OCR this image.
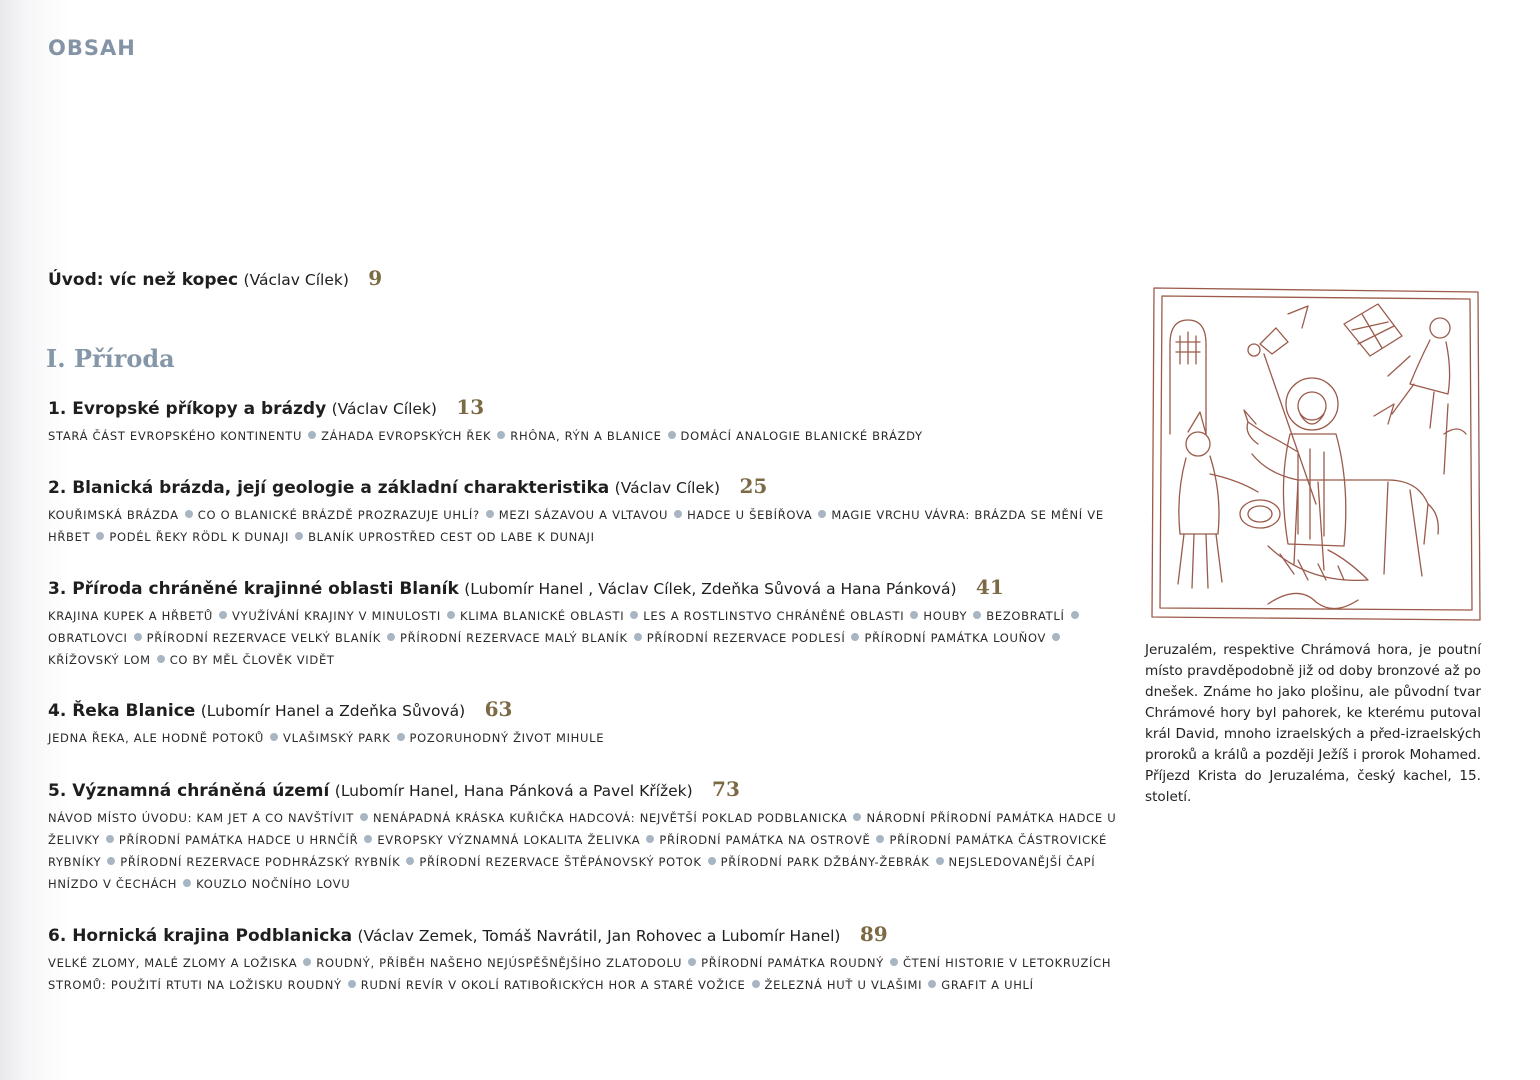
OBSAH
Úvod: víc než kopec (Václav Cílek) 9
I. Příroda
1. Evropské příkopy a brázdy (Václav Cílek) 13
STARÁ ČÁST EVROPSKÉHO KONTINENTU ZÁHADA EVROPSKÝCH ŘEK RHÔNA, RÝN A BLANICE DOMÁCÍ ANALOGIE BLANICKÉ BRÁZDY
2. Blanická brázda, její geologie a základní charakteristika (Václav Cílek) 25
KOUŘIMSKÁ BRÁZDA CO O BLANICKÉ BRÁZDĚ PROZRAZUJE UHLÍ? MEZI SÁZAVOU A VLTAVOU HADCE U ŠEBÍŘOVA MAGIE VRCHU VÁVRA: BRÁZDA SE MĚNÍ VE HŘBET PODÉL ŘEKY RÖDL K DUNAJI BLANÍK UPROSTŘED CEST OD LABE K DUNAJI
3. Příroda chráněné krajinné oblasti Blaník (Lubomír Hanel , Václav Cílek, Zdeňka Sůvová a Hana Pánková) 41
KRAJINA KUPEK A HŘBETŮ VYUŽÍVÁNÍ KRAJINY V MINULOSTI KLIMA BLANICKÉ OBLASTI LES A ROSTLINSTVO CHRÁNĚNÉ OBLASTI HOUBY BEZOBRATLÍOBRATLOVCI PŘÍRODNÍ REZERVACE VELKÝ BLANÍK PŘÍRODNÍ REZERVACE MALÝ BLANÍK PŘÍRODNÍ REZERVACE PODLESÍ PŘÍRODNÍ PAMÁTKA LOUŇOVKŘÍŽOVSKÝ LOM CO BY MĚL ČLOVĚK VIDĚT
4. Řeka Blanice (Lubomír Hanel a Zdeňka Sůvová) 63
JEDNA ŘEKA, ALE HODNĚ POTOKŮ VLAŠIMSKÝ PARK POZORUHODNÝ ŽIVOT MIHULE
5. Významná chráněná území (Lubomír Hanel, Hana Pánková a Pavel Křížek) 73
NÁVOD MÍSTO ÚVODU: KAM JET A CO NAVŠTÍVIT NENÁPADNÁ KRÁSKA KUŘIČKA HADCOVÁ: NEJVĚTŠÍ POKLAD PODBLANICKA NÁRODNÍ PŘÍRODNÍ PAMÁTKA HADCE U ŽELIVKY PŘÍRODNÍ PAMÁTKA HADCE U HRNČÍŘ EVROPSKY VÝZNAMNÁ LOKALITA ŽELIVKA PŘÍRODNÍ PAMÁTKA NA OSTROVĚ PŘÍRODNÍ PAMÁTKA ČÁSTROVICKÉ RYBNÍKY PŘÍRODNÍ REZERVACE PODHRÁZSKÝ RYBNÍK PŘÍRODNÍ REZERVACE ŠTĚPÁNOVSKÝ POTOK PŘÍRODNÍ PARK DŽBÁNY-ŽEBRÁK NEJSLEDOVANĚJŠÍ ČAPÍ HNÍZDO V ČECHÁCH KOUZLO NOČNÍHO LOVU
6. Hornická krajina Podblanicka (Václav Zemek, Tomáš Navrátil, Jan Rohovec a Lubomír Hanel) 89
VELKÉ ZLOMY, MALÉ ZLOMY A LOŽISKA ROUDNÝ, PŘÍBĚH NAŠEHO NEJÚSPĚŠNĚJŠÍHO ZLATODOLU PŘÍRODNÍ PAMÁTKA ROUDNÝ ČTENÍ HISTORIE V LETOKRUZÍCH STROMŮ: POUŽITÍ RTUTI NA LOŽISKU ROUDNÝ RUDNÍ REVÍR V OKOLÍ RATIBOŘICKÝCH HOR A STARÉ VOŽICE ŽELEZNÁ HUŤ U VLAŠIMI GRAFIT A UHLÍ
Jeruzalém, respektive Chrámová hora, je poutní místo pravděpodobně již od doby bronzové až po dnešek. Známe ho jako plošinu, ale původní tvar Chrámové hory byl pahorek, ke kterému putoval král David, mnoho izraelských a před-izraelských proroků a králů a později Ježíš i prorok Mohamed. Příjezd Krista do Jeruzaléma, český kachel, 15. století.
